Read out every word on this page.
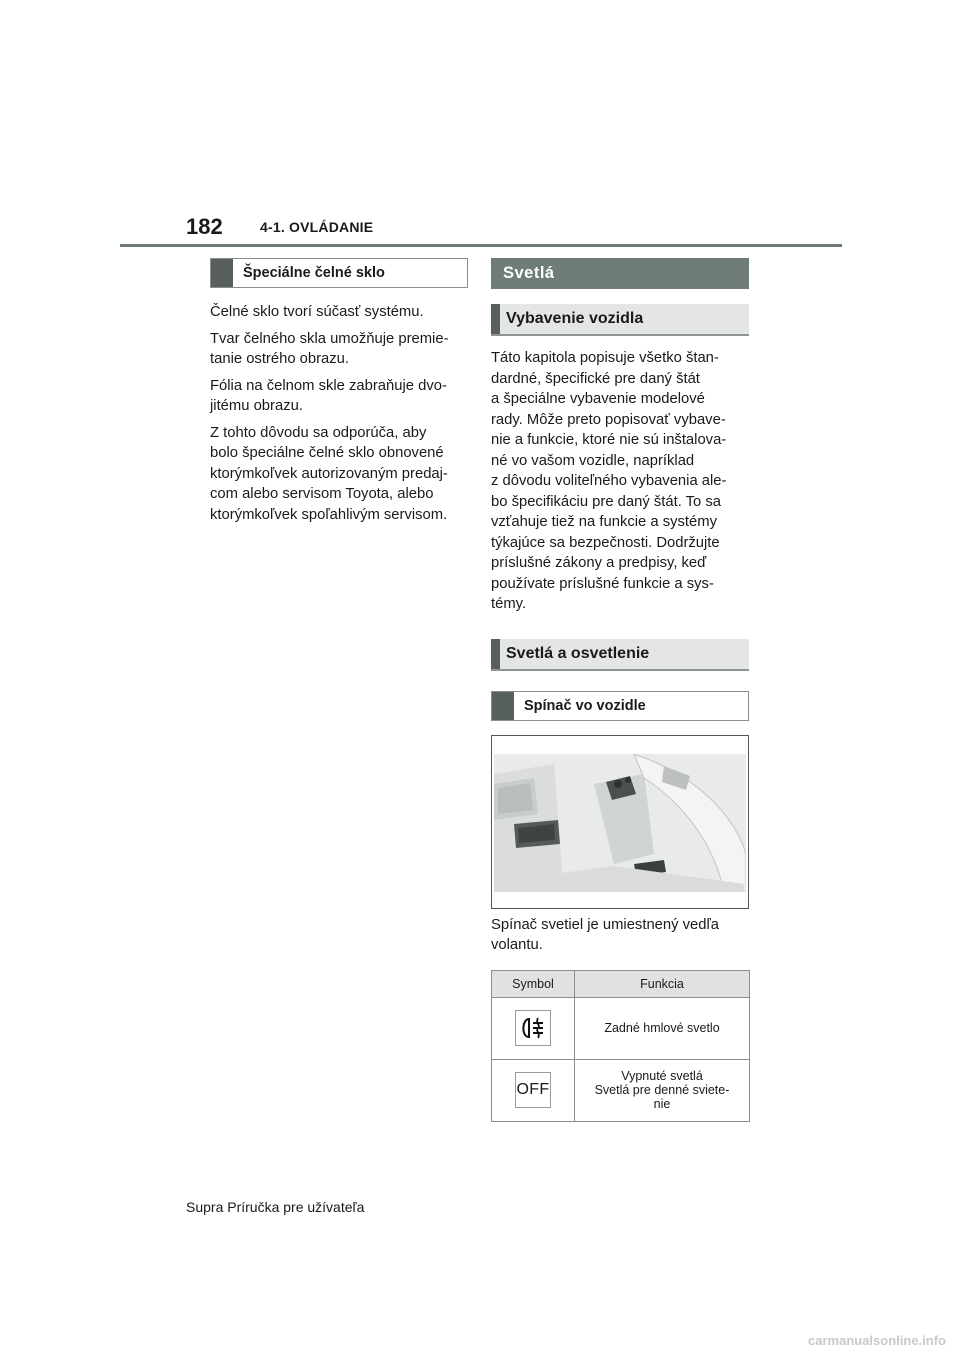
182	4-1. OVLÁDANIE
Špeciálne čelné sklo

Čelné sklo tvorí súčasť systému.

Tvar čelného skla umožňuje premie-
tanie ostrého obrazu.

Fólia na čelnom skle zabraňuje dvo-
jitému obrazu.

Z tohto dôvodu sa odporúča, aby
bolo špeciálne čelné sklo obnovené
ktorýmkoľvek autorizovaným predaj-
com alebo servisom Toyota, alebo
ktorýmkoľvek spoľahlivým servisom.

Svetlá
Vybavenie vozidla

Táto kapitola popisuje všetko štan-
dardné, špecifické pre daný štát
a špeciálne vybavenie modelové
rady. Môže preto popisovať vybave-
nie a funkcie, ktoré nie sú inštalova-
né vo vašom vozidle, napríklad
z dôvodu voliteľného vybavenia ale-
bo špecifikáciu pre daný štát. To sa
vzťahuje tiež na funkcie a systémy
týkajúce sa bezpečnosti. Dodržujte
príslušné zákony a predpisy, keď
používate príslušné funkcie a sys-
témy.

Svetlá a osvetlenie
Spínač vo vozidle

Spínač svetiel je umiestnený vedľa
volantu.

Symbol	Funkcia

	Zadné hmlové svetlo

OFF	Vypnuté svetlá
Svetlá pre denné sviete-
nie
Supra Príručka pre užívateľa
carmanualsonline.info
